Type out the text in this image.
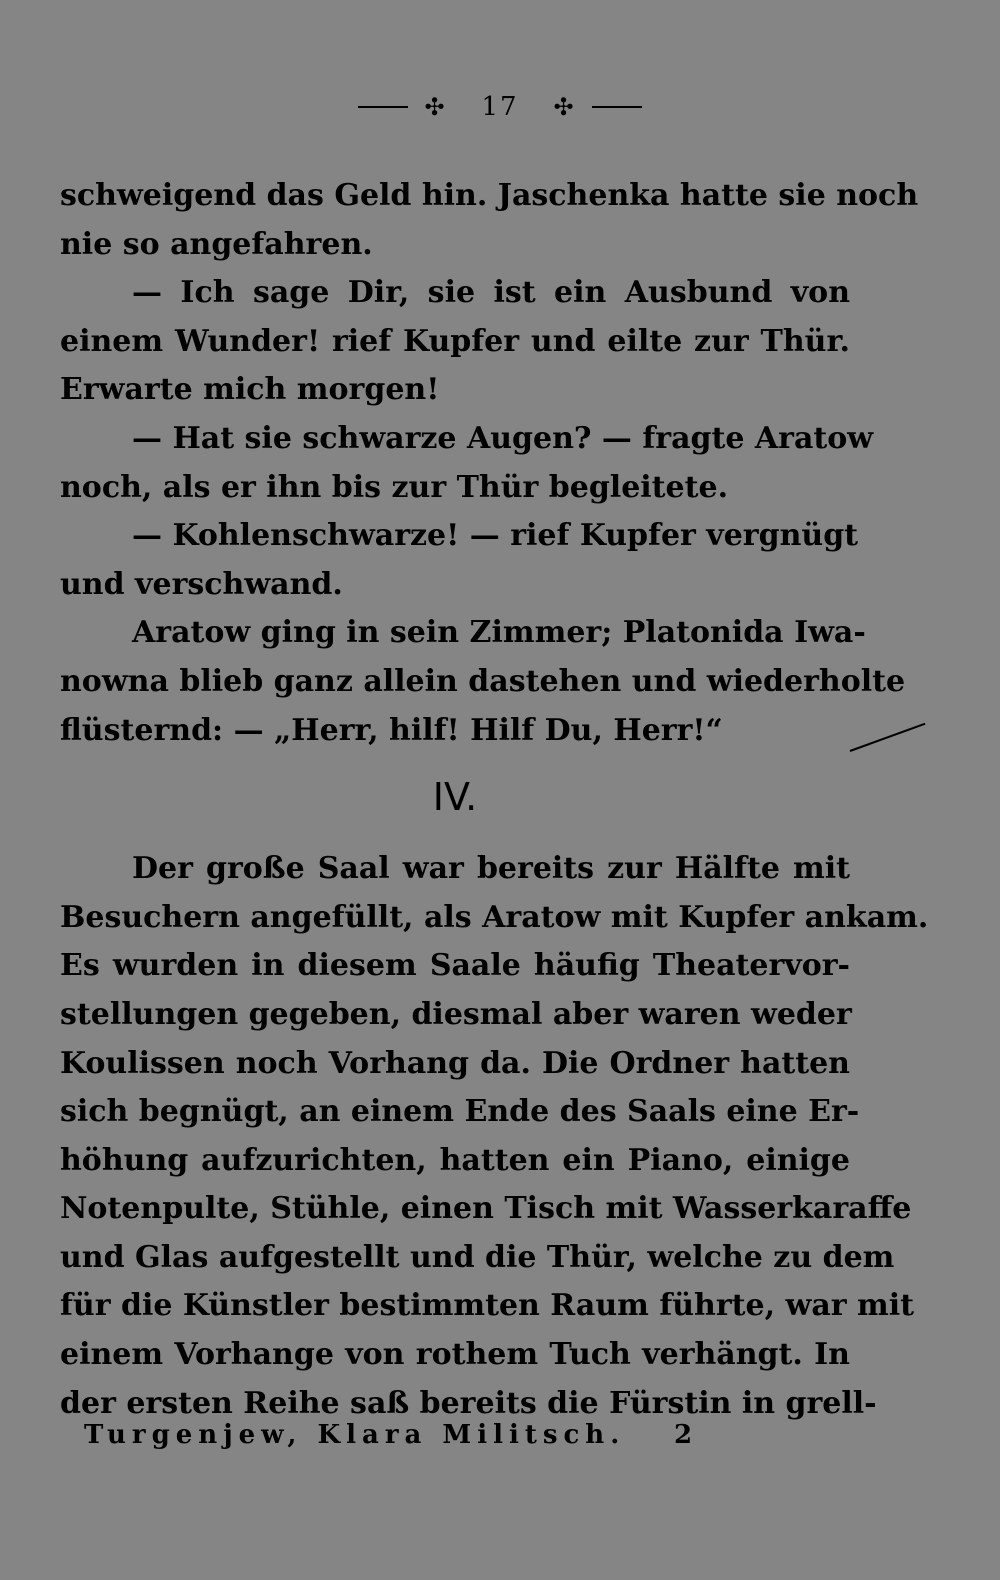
✣ 17 ✣
schweigend das Geld hin. Jaschenka hatte sie noch
nie so angefahren.
— Ich sage Dir, sie ist ein Ausbund von
einem Wunder! rief Kupfer und eilte zur Thür.
Erwarte mich morgen!
— Hat sie schwarze Augen? — fragte Aratow
noch, als er ihn bis zur Thür begleitete.
— Kohlenschwarze! — rief Kupfer vergnügt
und verschwand.
Aratow ging in sein Zimmer; Platonida Iwa-
nowna blieb ganz allein dastehen und wiederholte
flüsternd: — „Herr, hilf! Hilf Du, Herr!“
IV.
Der große Saal war bereits zur Hälfte mit
Besuchern angefüllt, als Aratow mit Kupfer ankam.
Es wurden in diesem Saale häufig Theatervor-
stellungen gegeben, diesmal aber waren weder
Koulissen noch Vorhang da. Die Ordner hatten
sich begnügt, an einem Ende des Saals eine Er-
höhung aufzurichten, hatten ein Piano, einige
Notenpulte, Stühle, einen Tisch mit Wasserkaraffe
und Glas aufgestellt und die Thür, welche zu dem
für die Künstler bestimmten Raum führte, war mit
einem Vorhange von rothem Tuch verhängt. In
der ersten Reihe saß bereits die Fürstin in grell-
Turgenjew, Klara Militsch. 2
